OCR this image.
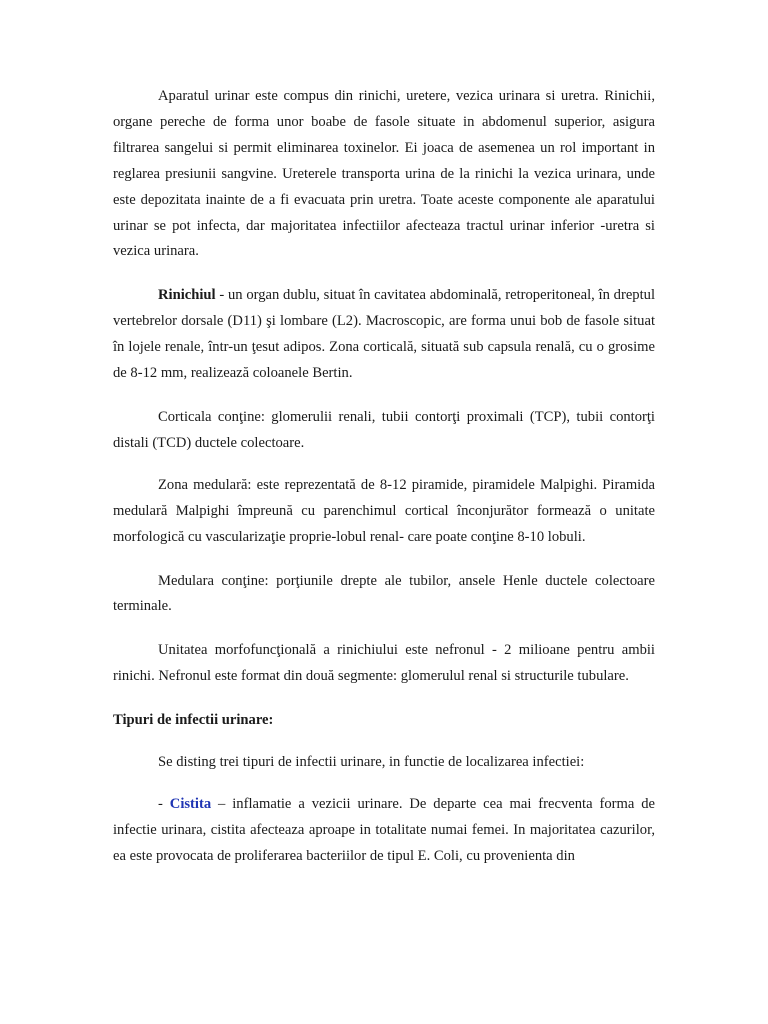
Aparatul urinar este compus din rinichi, uretere, vezica urinara si uretra. Rinichii, organe pereche de forma unor boabe de fasole situate in abdomenul superior, asigura filtrarea sangelui si permit eliminarea toxinelor. Ei joaca de asemenea un rol important in reglarea presiunii sangvine. Ureterele transporta urina de la rinichi la vezica urinara, unde este depozitata inainte de a fi evacuata prin uretra. Toate aceste componente ale aparatului urinar se pot infecta, dar majoritatea infectiilor afecteaza tractul urinar inferior -uretra si vezica urinara.

Rinichiul - un organ dublu, situat în cavitatea abdominală, retroperitoneal, în dreptul vertebrelor dorsale (D11) şi lombare (L2). Macroscopic, are forma unui bob de fasole situat în lojele renale, într-un ţesut adipos. Zona corticală, situată sub capsula renală, cu o grosime de 8-12 mm, realizează coloanele Bertin.

Corticala conţine: glomerulii renali, tubii contorţi proximali (TCP), tubii contorţi distali (TCD) ductele colectoare.

Zona medulară: este reprezentată de 8-12 piramide, piramidele Malpighi. Piramida medulară Malpighi împreună cu parenchimul cortical înconjurător formează o unitate morfologică cu vascularizaţie proprie-lobul renal- care poate conţine 8-10 lobuli.

Medulara conţine: porţiunile drepte ale tubilor, ansele Henle ductele colectoare terminale.

Unitatea morfofuncţională a rinichiului este nefronul - 2 milioane pentru ambii rinichi. Nefronul este format din două segmente: glomerulul renal si structurile tubulare.

Tipuri de infectii urinare:

Se disting trei tipuri de infectii urinare, in functie de localizarea infectiei:

- Cistita – inflamatie a vezicii urinare. De departe cea mai frecventa forma de infectie urinara, cistita afecteaza aproape in totalitate numai femei. In majoritatea cazurilor, ea este provocata de proliferarea bacteriilor de tipul E. Coli, cu provenienta din
